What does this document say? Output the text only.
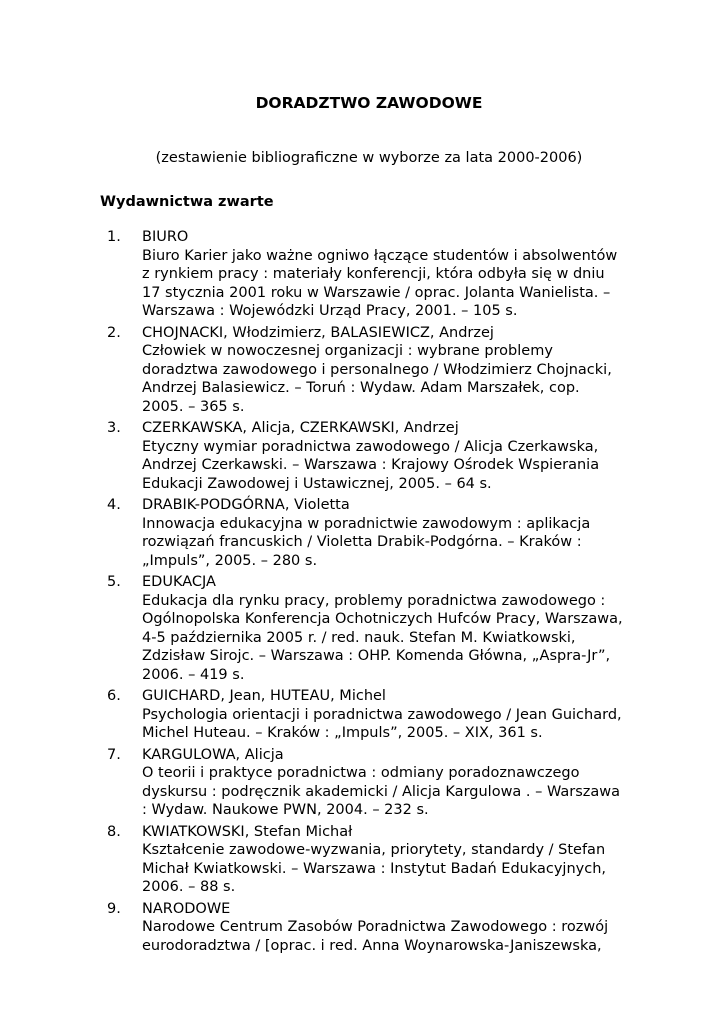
DORADZTWO ZAWODOWE
(zestawienie bibliograficzne w wyborze za lata 2000-2006)
Wydawnictwa zwarte
1. BIURO
Biuro Karier jako ważne ogniwo łączące studentów i absolwentów
z rynkiem pracy : materiały konferencji, która odbyła się w dniu
17 stycznia 2001 roku w Warszawie / oprac. Jolanta Wanielista. –
Warszawa : Wojewódzki Urząd Pracy, 2001. – 105 s.
2. CHOJNACKI, Włodzimierz, BALASIEWICZ, Andrzej
Człowiek w nowoczesnej organizacji : wybrane problemy
doradztwa zawodowego i personalnego / Włodzimierz Chojnacki,
Andrzej Balasiewicz. – Toruń : Wydaw. Adam Marszałek, cop.
2005. – 365 s.
3. CZERKAWSKA, Alicja, CZERKAWSKI, Andrzej
Etyczny wymiar poradnictwa zawodowego / Alicja Czerkawska,
Andrzej Czerkawski. – Warszawa : Krajowy Ośrodek Wspierania
Edukacji Zawodowej i Ustawicznej, 2005. – 64 s.
4. DRABIK-PODGÓRNA, Violetta
Innowacja edukacyjna w poradnictwie zawodowym : aplikacja
rozwiązań francuskich / Violetta Drabik-Podgórna. – Kraków :
„Impuls”, 2005. – 280 s.
5. EDUKACJA
Edukacja dla rynku pracy, problemy poradnictwa zawodowego :
Ogólnopolska Konferencja Ochotniczych Hufców Pracy, Warszawa,
4-5 października 2005 r. / red. nauk. Stefan M. Kwiatkowski,
Zdzisław Sirojc. – Warszawa : OHP. Komenda Główna, „Aspra-Jr”,
2006. – 419 s.
6. GUICHARD, Jean, HUTEAU, Michel
Psychologia orientacji i poradnictwa zawodowego / Jean Guichard,
Michel Huteau. – Kraków : „Impuls”, 2005. – XIX, 361 s.
7. KARGULOWA, Alicja
O teorii i praktyce poradnictwa : odmiany poradoznawczego
dyskursu : podręcznik akademicki / Alicja Kargulowa . – Warszawa
: Wydaw. Naukowe PWN, 2004. – 232 s.
8. KWIATKOWSKI, Stefan Michał
Kształcenie zawodowe-wyzwania, priorytety, standardy / Stefan
Michał Kwiatkowski. – Warszawa : Instytut Badań Edukacyjnych,
2006. – 88 s.
9. NARODOWE
Narodowe Centrum Zasobów Poradnictwa Zawodowego : rozwój
eurodoradztwa / [oprac. i red. Anna Woynarowska-Janiszewska,
